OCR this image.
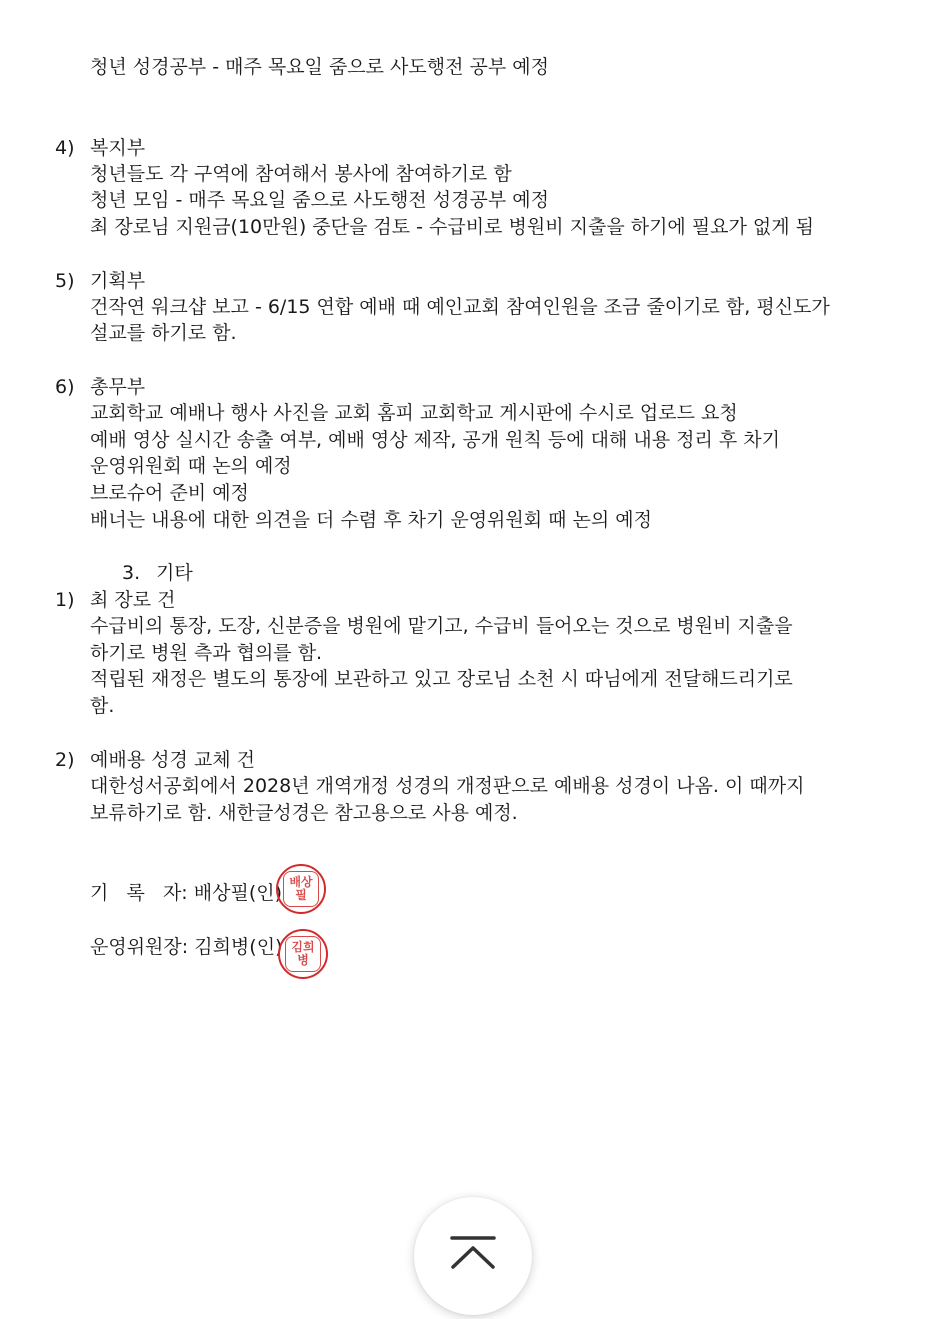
청년 성경공부 - 매주 목요일 줌으로 사도행전 공부 예정
4) 복지부
청년들도 각 구역에 참여해서 봉사에 참여하기로 함
청년 모임 - 매주 목요일 줌으로 사도행전 성경공부 예정
최 장로님 지원금(10만원) 중단을 검토 - 수급비로 병원비 지출을 하기에 필요가 없게 됨
5) 기획부
건작연 워크샵 보고 - 6/15 연합 예배 때 예인교회 참여인원을 조금 줄이기로 함, 평신도가
설교를 하기로 함.
6) 총무부
교회학교 예배나 행사 사진을 교회 홈피 교회학교 게시판에 수시로 업로드 요청
예배 영상 실시간 송출 여부, 예배 영상 제작, 공개 원칙 등에 대해 내용 정리 후 차기
운영위원회 때 논의 예정
브로슈어 준비 예정
배너는 내용에 대한 의견을 더 수렴 후 차기 운영위원회 때 논의 예정
3. 기타
1) 최 장로 건
수급비의 통장, 도장, 신분증을 병원에 맡기고, 수급비 들어오는 것으로 병원비 지출을
하기로 병원 측과 협의를 함.
적립된 재정은 별도의 통장에 보관하고 있고 장로님 소천 시 따님에게 전달해드리기로
함.
2) 예배용 성경 교체 건
대한성서공회에서 2028년 개역개정 성경의 개정판으로 예배용 성경이 나옴. 이 때까지
보류하기로 함. 새한글성경은 참고용으로 사용 예정.
기   록   자: 배상필(인) 배상필
운영위원장: 김희병(인) 김희병
